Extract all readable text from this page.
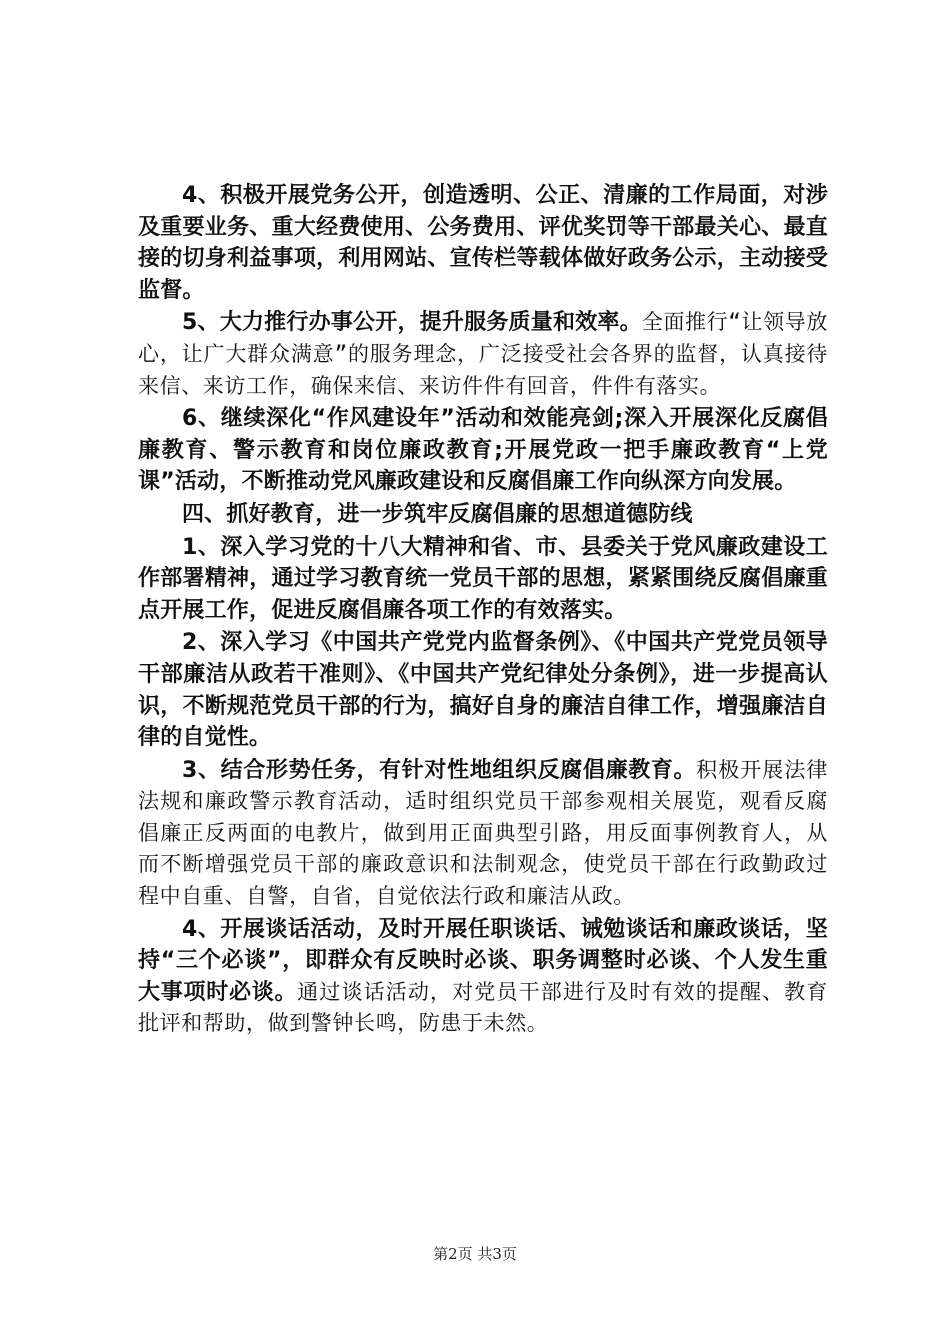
4、积极开展党务公开，创造透明、公正、清廉的工作局面，对涉及重要业务、重大经费使用、公务费用、评优奖罚等干部最关心、最直接的切身利益事项，利用网站、宣传栏等载体做好政务公示，主动接受监督。

5、大力推行办事公开，提升服务质量和效率。全面推行“让领导放心，让广大群众满意”的服务理念，广泛接受社会各界的监督，认真接待来信、来访工作，确保来信、来访件件有回音，件件有落实。

6、继续深化“作风建设年”活动和效能亮剑;深入开展深化反腐倡廉教育、警示教育和岗位廉政教育;开展党政一把手廉政教育“上党课”活动，不断推动党风廉政建设和反腐倡廉工作向纵深方向发展。

四、抓好教育，进一步筑牢反腐倡廉的思想道德防线

1、深入学习党的十八大精神和省、市、县委关于党风廉政建设工作部署精神，通过学习教育统一党员干部的思想，紧紧围绕反腐倡廉重点开展工作，促进反腐倡廉各项工作的有效落实。

2、深入学习《中国共产党党内监督条例》、《中国共产党党员领导干部廉洁从政若干准则》、《中国共产党纪律处分条例》，进一步提高认识，不断规范党员干部的行为，搞好自身的廉洁自律工作，增强廉洁自律的自觉性。

3、结合形势任务，有针对性地组织反腐倡廉教育。积极开展法律法规和廉政警示教育活动，适时组织党员干部参观相关展览，观看反腐倡廉正反两面的电教片，做到用正面典型引路，用反面事例教育人，从而不断增强党员干部的廉政意识和法制观念，使党员干部在行政勤政过程中自重、自警，自省，自觉依法行政和廉洁从政。

4、开展谈话活动，及时开展任职谈话、诫勉谈话和廉政谈话，坚持“三个必谈”，即群众有反映时必谈、职务调整时必谈、个人发生重大事项时必谈。通过谈话活动，对党员干部进行及时有效的提醒、教育批评和帮助，做到警钟长鸣，防患于未然。

第2页 共3页
